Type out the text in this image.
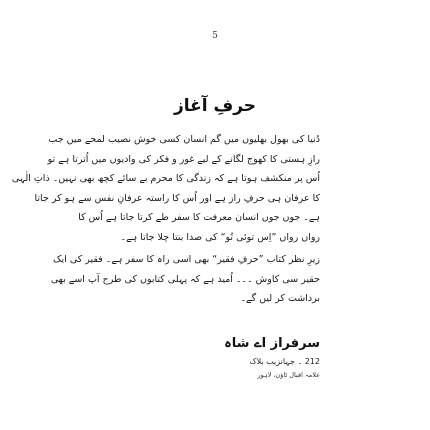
5
حرفِ آغاز
دُنیا کی بھول بھلیوں میں گم انسان کسی خوش نصیب لمحے میں جب
رازِ ہستی کا کھوج لگانے کے لیے غور و فکر کی وادیوں میں اُترتا ہے تو
اُس پر منکشف ہوتا ہے کہ زندگی کا محرم بے سائے کچھ بھی نہیں۔ ذاتِ الٰہی
کا عرفان ہی حرفِ راز ہے اور اُس کا راستہ عرفانِ نفس سے ہو کر جاتا
ہے۔ جوں جوں انسان معرفت کا سفر طے کرتا جاتا ہے اُس کا
رواں رواں ”اِس توئی تُو“ کی صدا بنتا چلا جاتا ہے۔
زیرِ نظر کتاب ”حرفِ فقیر“ بھی اسی راہ کا سفر ہے۔ فقیر کی ایک
حقیر سی کاوش ۔۔۔ اُمید ہے کہ پہلی کتابوں کی طرح آپ اسے بھی
برداشت کر لیں گے۔
سرفراز اے شاہ
212 ۔ جہانزیب بلاک
علامہ اقبال ٹاؤن، لاہور
